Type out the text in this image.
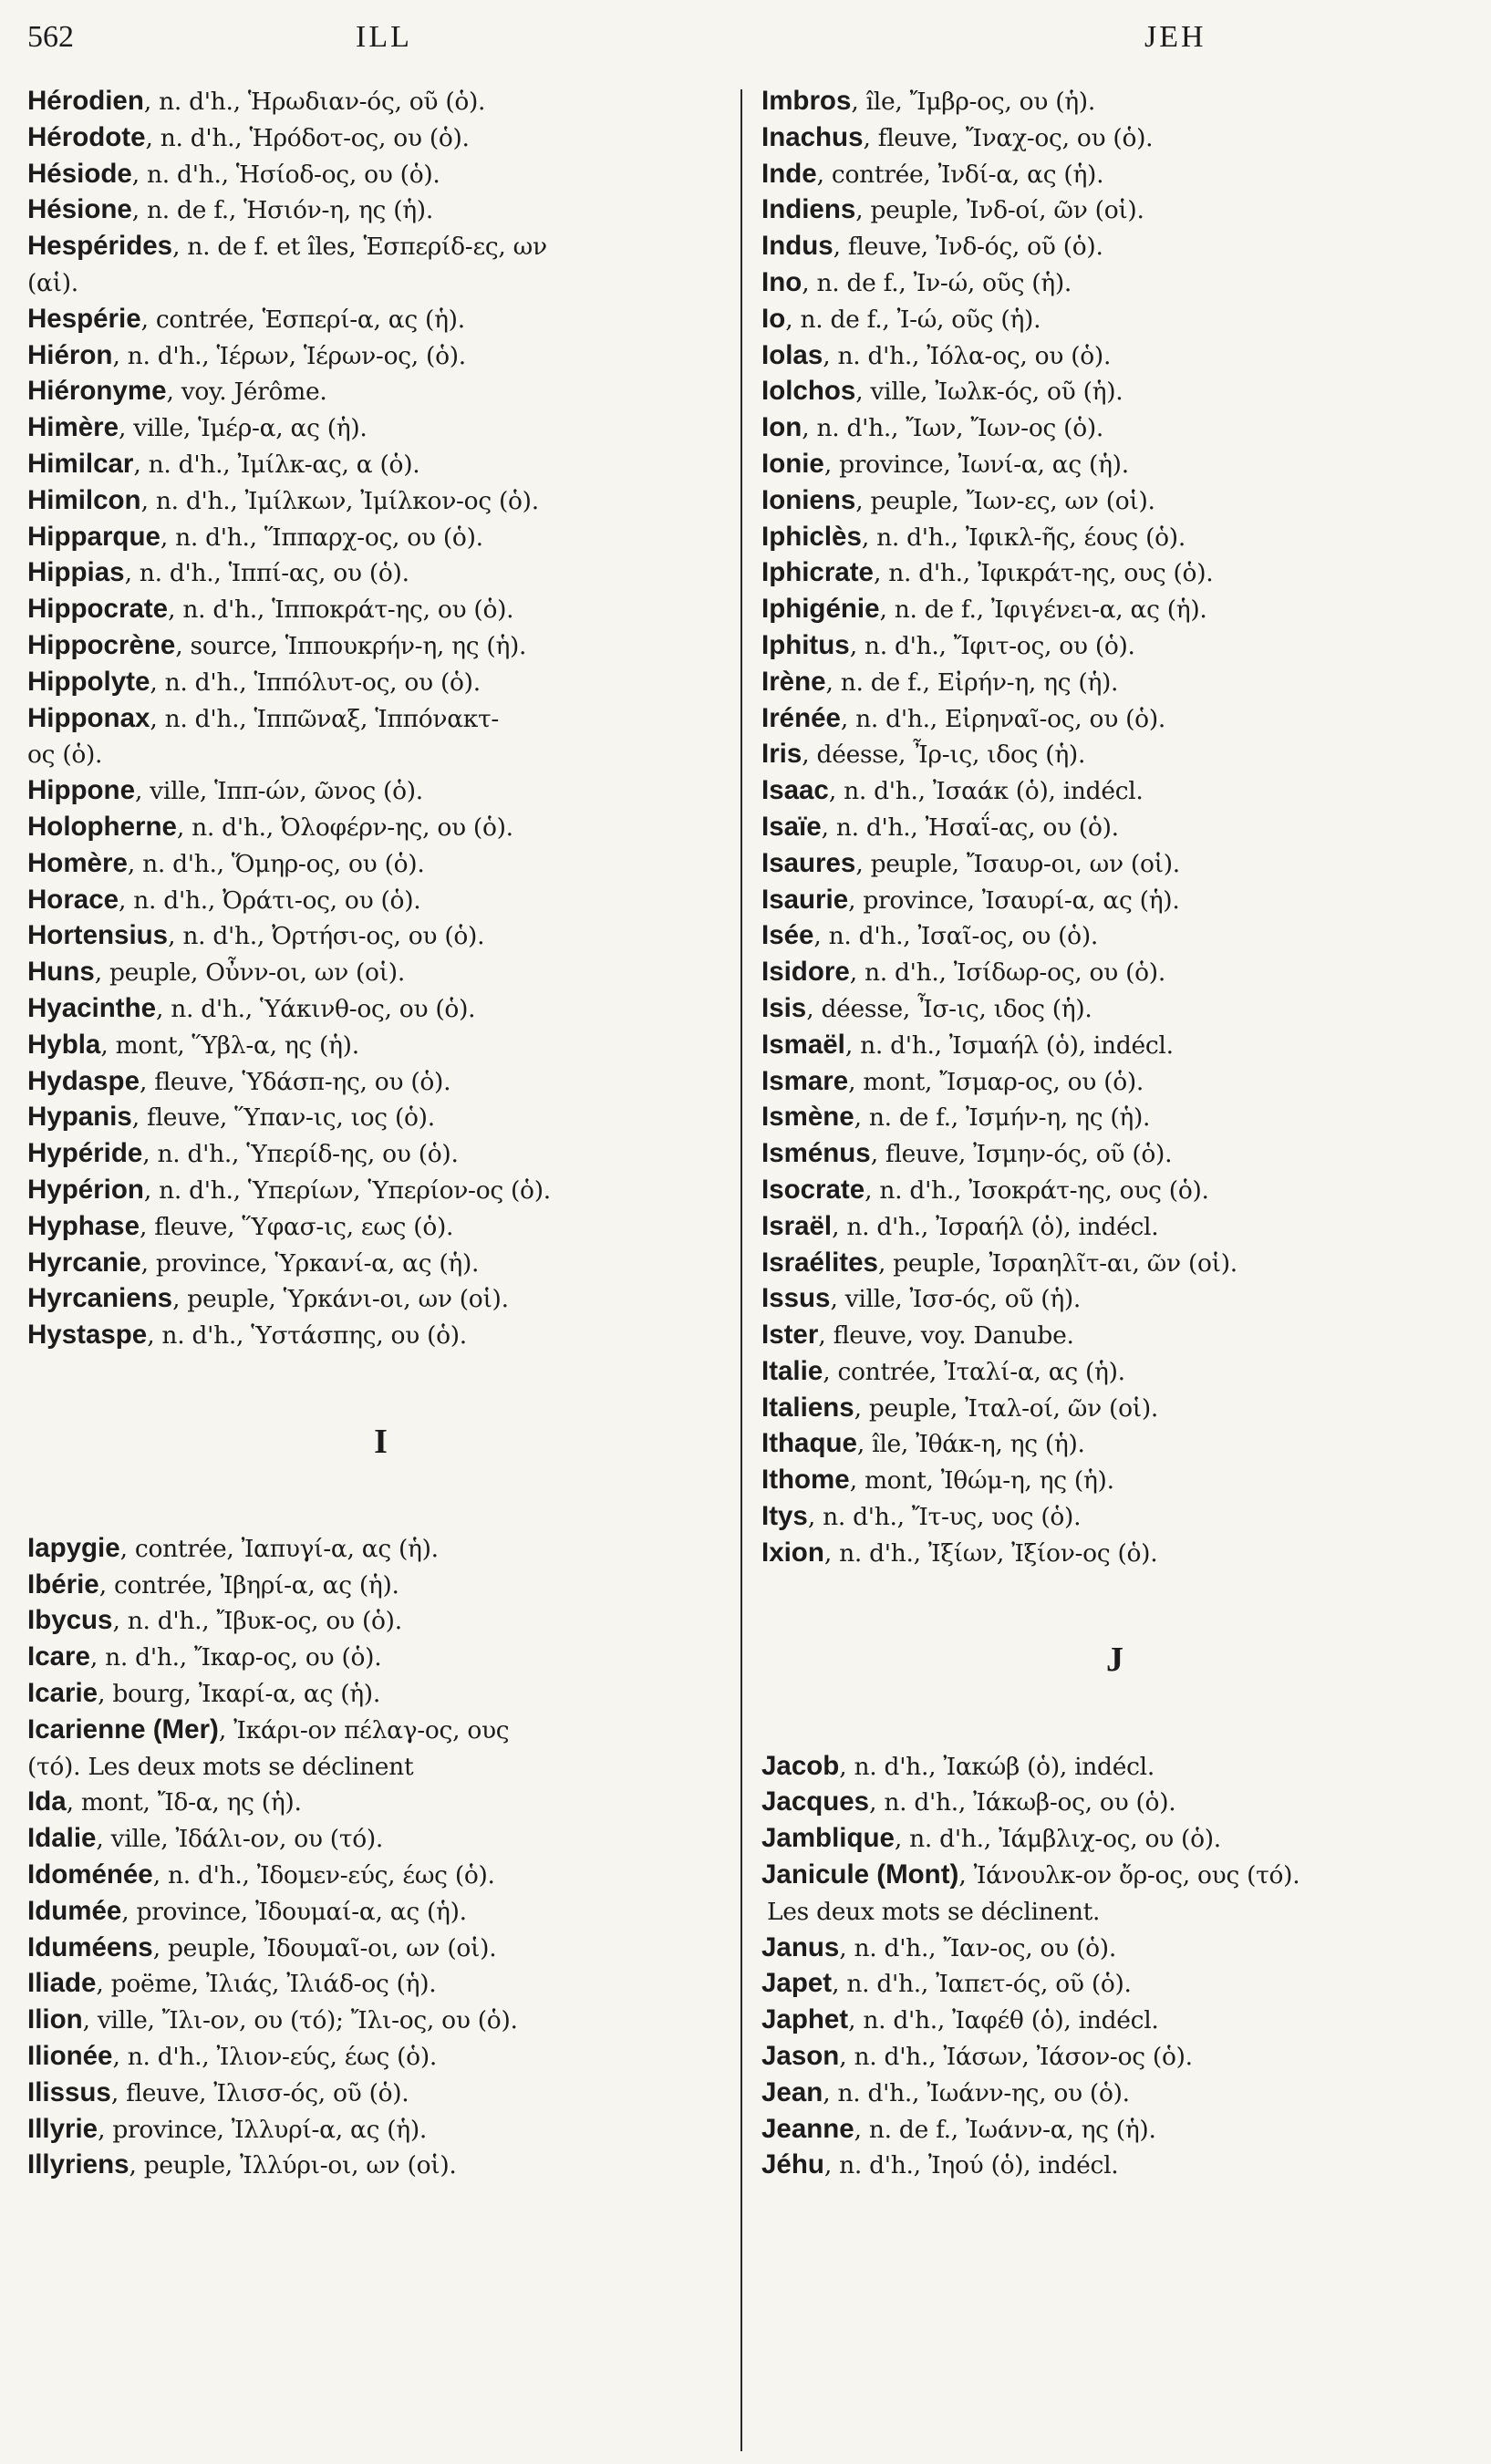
562	ILL	JEH
Hérodien, n. d'h., Ἡρωδιαν-ός, οῦ (ὁ).
Hérodote, n. d'h., Ἡρόδοτ-ος, ου (ὁ).
Hésiode, n. d'h., Ἡσίοδ-ος, ου (ὁ).
Hésione, n. de f., Ἡσιόν-η, ης (ἡ).
Hespérides, n. de f. et îles, Ἑσπερίδ-ες, ων
(αἱ).
Hespérie, contrée, Ἑσπερί-α, ας (ἡ).
Hiéron, n. d'h., Ἱέρων, Ἱέρων-ος, (ὁ).
Hiéronyme, voy. Jérôme.
Himère, ville, Ἱμέρ-α, ας (ἡ).
Himilcar, n. d'h., Ἰμίλκ-ας, α (ὁ).
Himilcon, n. d'h., Ἰμίλκων, Ἰμίλκον-ος (ὁ).
Hipparque, n. d'h., Ἵππαρχ-ος, ου (ὁ).
Hippias, n. d'h., Ἱππί-ας, ου (ὁ).
Hippocrate, n. d'h., Ἱπποκράτ-ης, ου (ὁ).
Hippocrène, source, Ἱππουκρήν-η, ης (ἡ).
Hippolyte, n. d'h., Ἱππόλυτ-ος, ου (ὁ).
Hipponax, n. d'h., Ἱππῶναξ, Ἱππόνακτ-
ος (ὁ).
Hippone, ville, Ἱππ-ών, ῶνος (ὁ).
Holopherne, n. d'h., Ὀλοφέρν-ης, ου (ὁ).
Homère, n. d'h., Ὅμηρ-ος, ου (ὁ).
Horace, n. d'h., Ὀράτι-ος, ου (ὁ).
Hortensius, n. d'h., Ὀρτήσι-ος, ου (ὁ).
Huns, peuple, Οὖνν-οι, ων (οἱ).
Hyacinthe, n. d'h., Ὑάκινθ-ος, ου (ὁ).
Hybla, mont, Ὕβλ-α, ης (ἡ).
Hydaspe, fleuve, Ὑδάσπ-ης, ου (ὁ).
Hypanis, fleuve, Ὕπαν-ις, ιος (ὁ).
Hypéride, n. d'h., Ὑπερίδ-ης, ου (ὁ).
Hypérion, n. d'h., Ὑπερίων, Ὑπερίον-ος (ὁ).
Hyphase, fleuve, Ὕφασ-ις, εως (ὁ).
Hyrcanie, province, Ὑρκανί-α, ας (ἡ).
Hyrcaniens, peuple, Ὑρκάνι-οι, ων (οἱ).
Hystaspe, n. d'h., Ὑστάσπης, ου (ὁ).
I
Iapygie, contrée, Ἰαπυγί-α, ας (ἡ).
Ibérie, contrée, Ἰβηρί-α, ας (ἡ).
Ibycus, n. d'h., Ἴβυκ-ος, ου (ὁ).
Icare, n. d'h., Ἴκαρ-ος, ου (ὁ).
Icarie, bourg, Ἰκαρί-α, ας (ἡ).
Icarienne (Mer), Ἰκάρι-ον πέλαγ-ος, ους
(τό). Les deux mots se déclinent
Ida, mont, Ἴδ-α, ης (ἡ).
Idalie, ville, Ἰδάλι-ον, ου (τό).
Idoménée, n. d'h., Ἰδομεν-εύς, έως (ὁ).
Idumée, province, Ἰδουμαί-α, ας (ἡ).
Iduméens, peuple, Ἰδουμαῖ-οι, ων (οἱ).
Iliade, poëme, Ἰλιάς, Ἰλιάδ-ος (ἡ).
Ilion, ville, Ἴλι-ον, ου (τό); Ἴλι-ος, ου (ὁ).
Ilionée, n. d'h., Ἰλιον-εύς, έως (ὁ).
Ilissus, fleuve, Ἰλισσ-ός, οῦ (ὁ).
Illyrie, province, Ἰλλυρί-α, ας (ἡ).
Illyriens, peuple, Ἰλλύρι-οι, ων (οἱ).
Imbros, île, Ἴμβρ-ος, ου (ἡ).
Inachus, fleuve, Ἴναχ-ος, ου (ὁ).
Inde, contrée, Ἰνδί-α, ας (ἡ).
Indiens, peuple, Ἰνδ-οί, ῶν (οἱ).
Indus, fleuve, Ἰνδ-ός, οῦ (ὁ).
Ino, n. de f., Ἰν-ώ, οῦς (ἡ).
Io, n. de f., Ἰ-ώ, οῦς (ἡ).
Iolas, n. d'h., Ἰόλα-ος, ου (ὁ).
Iolchos, ville, Ἰωλκ-ός, οῦ (ἡ).
Ion, n. d'h., Ἴων, Ἴων-ος (ὁ).
Ionie, province, Ἰωνί-α, ας (ἡ).
Ioniens, peuple, Ἴων-ες, ων (οἱ).
Iphiclès, n. d'h., Ἰφικλ-ῆς, έους (ὁ).
Iphicrate, n. d'h., Ἰφικράτ-ης, ους (ὁ).
Iphigénie, n. de f., Ἰφιγένει-α, ας (ἡ).
Iphitus, n. d'h., Ἴφιτ-ος, ου (ὁ).
Irène, n. de f., Εἰρήν-η, ης (ἡ).
Irénée, n. d'h., Εἰρηναῖ-ος, ου (ὁ).
Iris, déesse, Ἶρ-ις, ιδος (ἡ).
Isaac, n. d'h., Ἰσαάκ (ὁ), indécl.
Isaïe, n. d'h., Ἠσαΐ-ας, ου (ὁ).
Isaures, peuple, Ἴσαυρ-οι, ων (οἱ).
Isaurie, province, Ἰσαυρί-α, ας (ἡ).
Isée, n. d'h., Ἰσαῖ-ος, ου (ὁ).
Isidore, n. d'h., Ἰσίδωρ-ος, ου (ὁ).
Isis, déesse, Ἶσ-ις, ιδος (ἡ).
Ismaël, n. d'h., Ἰσμαήλ (ὁ), indécl.
Ismare, mont, Ἴσμαρ-ος, ου (ὁ).
Ismène, n. de f., Ἰσμήν-η, ης (ἡ).
Isménus, fleuve, Ἰσμην-ός, οῦ (ὁ).
Isocrate, n. d'h., Ἰσοκράτ-ης, ους (ὁ).
Israël, n. d'h., Ἰσραήλ (ὁ), indécl.
Israélites, peuple, Ἰσραηλῖτ-αι, ῶν (οἱ).
Issus, ville, Ἰσσ-ός, οῦ (ἡ).
Ister, fleuve, voy. Danube.
Italie, contrée, Ἰταλί-α, ας (ἡ).
Italiens, peuple, Ἰταλ-οί, ῶν (οἱ).
Ithaque, île, Ἰθάκ-η, ης (ἡ).
Ithome, mont, Ἰθώμ-η, ης (ἡ).
Itys, n. d'h., Ἴτ-υς, υος (ὁ).
Ixion, n. d'h., Ἰξίων, Ἰξίον-ος (ὁ).
J
Jacob, n. d'h., Ἰακώβ (ὁ), indécl.
Jacques, n. d'h., Ἰάκωβ-ος, ου (ὁ).
Jamblique, n. d'h., Ἰάμβλιχ-ος, ου (ὁ).
Janicule (Mont), Ἰάνουλκ-ον ὄρ-ος, ους (τό).
Les deux mots se déclinent.
Janus, n. d'h., Ἴαν-ος, ου (ὁ).
Japet, n. d'h., Ἰαπετ-ός, οῦ (ὁ).
Japhet, n. d'h., Ἰαφέθ (ὁ), indécl.
Jason, n. d'h., Ἰάσων, Ἰάσον-ος (ὁ).
Jean, n. d'h., Ἰωάνν-ης, ου (ὁ).
Jeanne, n. de f., Ἰωάνν-α, ης (ἡ).
Jéhu, n. d'h., Ἰηού (ὁ), indécl.
